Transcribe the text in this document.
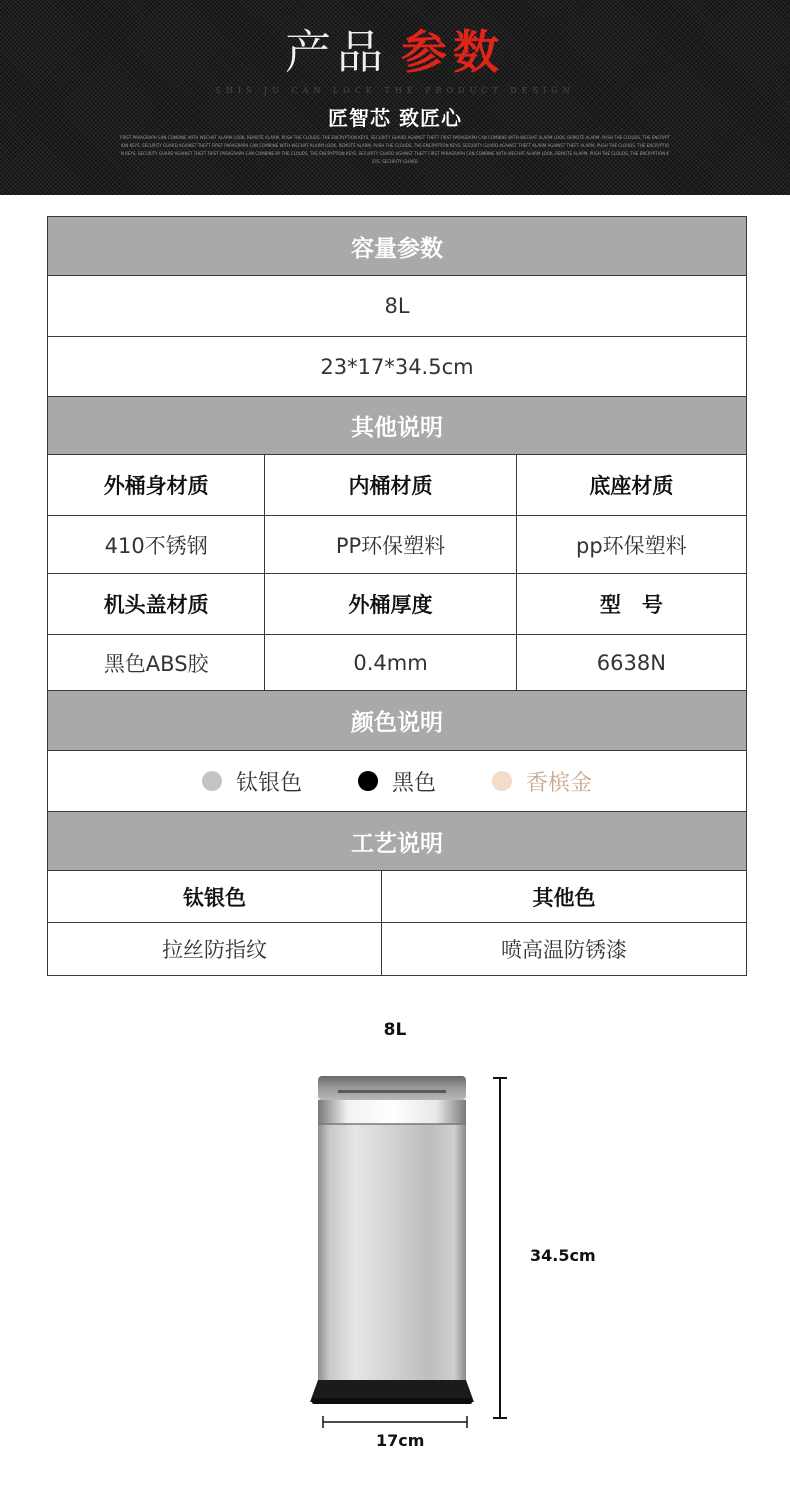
产品 参数
SHIS JU CAN LOCK THE PRODUCT DESIGN
匠智芯 致匠心
FIRST PARAGRAPH CAN COMBINE WITH WECHAT ALARM LOOK, REMOTE ALARM, PUSH THE CLOUDS, THE ENCRYPTION KEYS, SECURITY GUARD AGAINST THEFT FIRST PARAGRAPH CAN COMBINE WITH WECHAT ALARM LOOK, REMOTE ALARM, PUSH THE CLOUDS, THE ENCRYPTION KEYS, SECURITY GUARD AGAINST THEFT FIRST PARAGRAPH CAN COMBINE WITH WECHAT ALARM LOOK, REMOTE ALARM, PUSH THE CLOUDS, THE ENCRYPTION KEYS, SECURITY GUARD AGAINST THEFT ALARM AGAINST THEFT ALARM, PUSH THE CLOUDS, THE ENCRYPTION KEYS, SECURITY GUARD AGAINST THEFT FIRST PARAGRAPH CAN COMBINE BY THE CLOUDS, THE ENCRYPTION KEYS, SECURITY GUARD AGAINST THEFT FIRST PARAGRAPH CAN COMBINE WITH WECHAT ALARM LOOK, REMOTE ALARM, PUSH THE CLOUDS, THE ENCRYPTION KEYS, SECURITY GUARD
容量参数
8L
23*17*34.5cm
其他说明
外桶身材质	内桶材质	底座材质
410不锈钢	PP环保塑料	pp环保塑料
机头盖材质	外桶厚度	型　号
黑色ABS胶	0.4mm	6638N
颜色说明
钛银色	黑色	香槟金
工艺说明
钛银色	其他色
拉丝防指纹	喷高温防锈漆
8L
34.5cm
17cm
